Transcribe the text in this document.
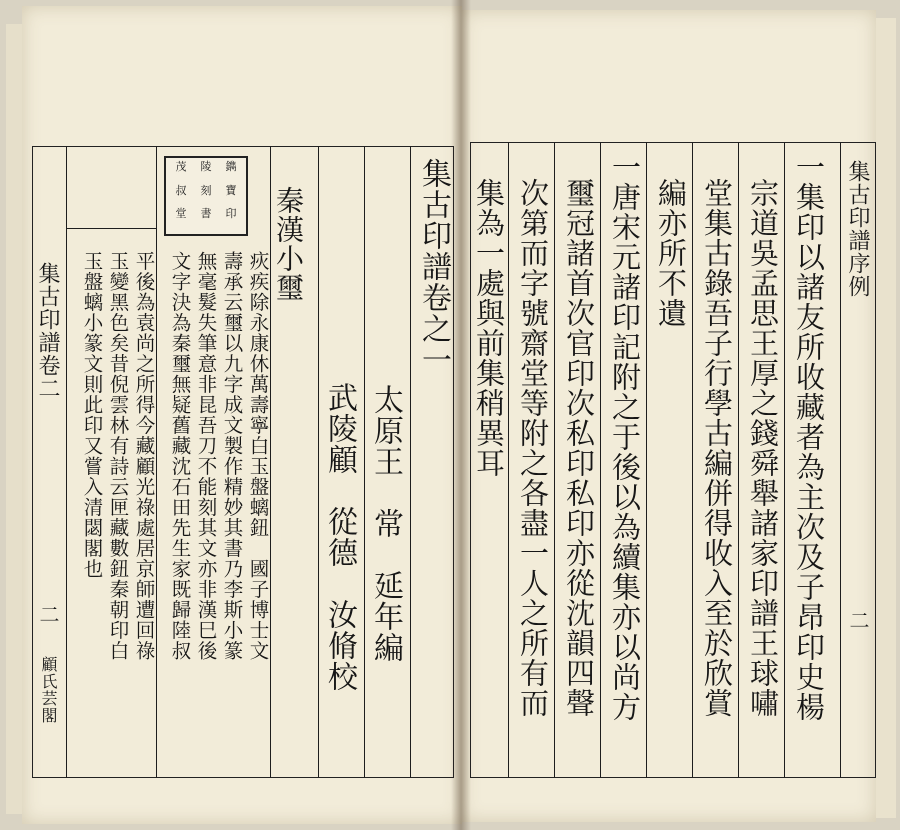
集古印譜卷二
二
顧氏芸閣
茂	陵	鐫
叔	刻	寶
堂	書	印	集古印譜卷之一
太原王　常　延年編
武陵顧　從德　汝脩校
秦漢小璽
疢疾除永康休萬壽寧白玉盤螭鈕　國子博士文
壽承云璽以九字成文製作精妙其書乃李斯小篆
無毫髮失筆意非昆吾刀不能刻其文亦非漢巳後
文字決為秦璽無疑舊藏沈石田先生家既歸陸叔
平後為袁尚之所得今藏顧光祿處居京師遭回祿
玉變黑色矣昔倪雲林有詩云匣藏數鈕秦朝印白
玉盤螭小篆文則此印又嘗入清閟閣也
集古印譜序例
二
一集印以諸友所收藏者為主次及子昂印史楊
宗道吳孟思王厚之錢舜舉諸家印譜王球嘯
堂集古錄吾子行學古編併得收入至於欣賞
編亦所不遺
一唐宋元諸印記附之于後以為續集亦以尚方
璽冠諸首次官印次私印私印亦從沈韻四聲
次第而字號齋堂等附之各盡一人之所有而
集為一處與前集稍異耳
